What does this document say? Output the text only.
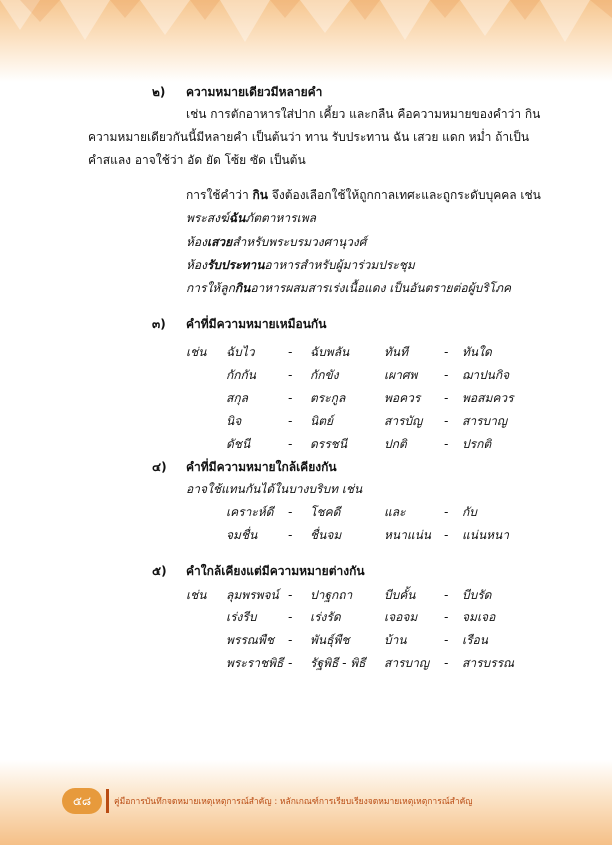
๒) ความหมายเดียวมีหลายคำ
เช่น การตักอาหารใส่ปาก เคี้ยว และกลืน คือความหมายของคำว่า กิน
ความหมายเดียวกันนี้มีหลายคำ เป็นต้นว่า ทาน รับประทาน ฉัน เสวย แดก หม่ำ ถ้าเป็น
คำสแลง อาจใช้ว่า อัด ยัด โซ้ย ซัด เป็นต้น
การใช้คำว่า กิน จึงต้องเลือกใช้ให้ถูกกาลเทศะและถูกระดับบุคคล เช่น
พระสงฆ์ฉันภัตตาหารเพล
ห้องเสวยสำหรับพระบรมวงศานุวงศ์
ห้องรับประทานอาหารสำหรับผู้มาร่วมประชุม
การให้ลูกกินอาหารผสมสารเร่งเนื้อแดง เป็นอันตรายต่อผู้บริโภค
๓) คำที่มีความหมายเหมือนกัน
เช่น ฉับไว	- ฉับพลัน	ทันที	- ทันใด
กักกัน	- กักขัง	เผาศพ - ฌาปนกิจ
สกุล	- ตระกูล	พอควร - พอสมควร
นิจ	- นิตย์	สารบัญ - สารบาญ
ดัชนี	- ดรรชนี	ปกติ	- ปรกติ
๔) คำที่มีความหมายใกล้เคียงกัน
อาจใช้แทนกันได้ในบางบริบท เช่น
เคราะห์ดี - โชคดี	และ	- กับ
จมชื่น	- ชื่นจม	หนาแน่น - แน่นหนา
๕) คำใกล้เคียงแต่มีความหมายต่างกัน
เช่น ลุมพรพจน์ - ปาฐกถา	บีบคั้น - บีบรัด
เร่งรีบ	- เร่งรัด	เจอจม - จมเจอ
พรรณพืช - พันธุ์พืช	บ้าน	- เรือน
พระราชพิธี - รัฐพิธี - พิธี สารบาญ - สารบรรณ
๕๘	คู่มือการบันทึกจดหมายเหตุเหตุการณ์สำคัญ : หลักเกณฑ์การเรียบเรียงจดหมายเหตุเหตุการณ์สำคัญ
